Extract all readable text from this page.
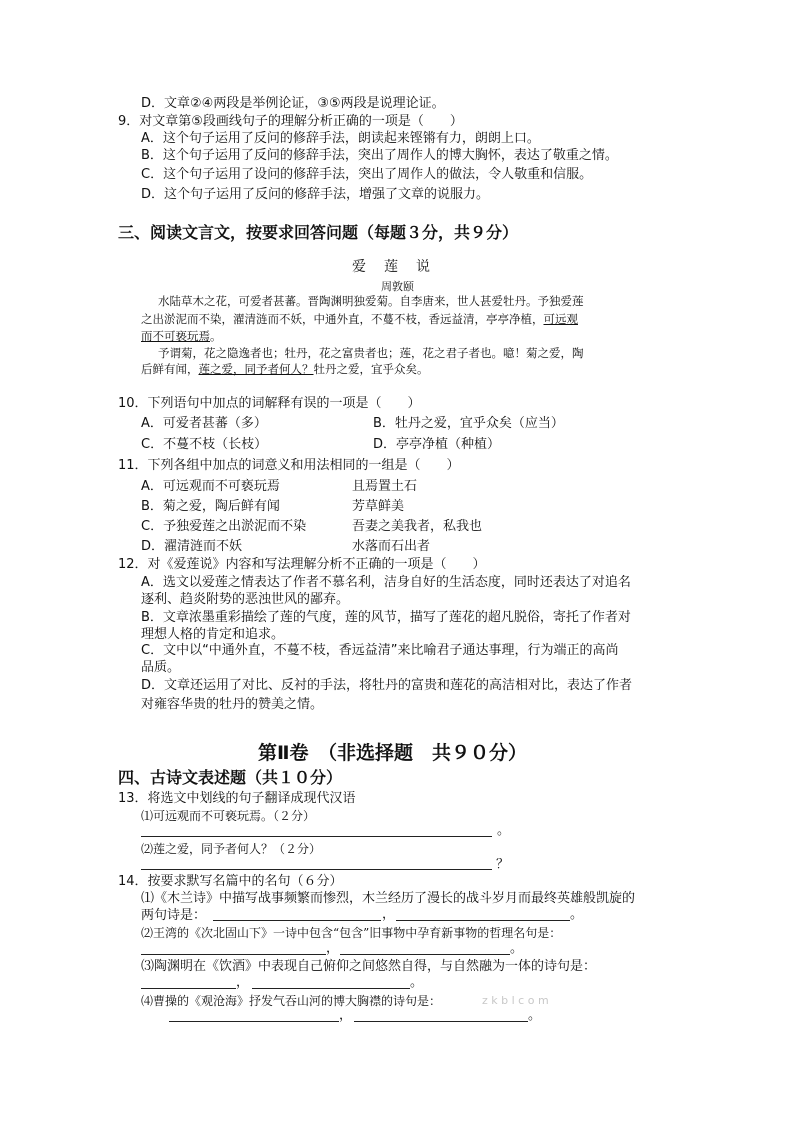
D．文章②④两段是举例论证，③⑤两段是说理论证。
9．对文章第⑤段画线句子的理解分析正确的一项是（　　）
A．这个句子运用了反问的修辞手法，朗读起来铿锵有力，朗朗上口。
B．这个句子运用了反问的修辞手法，突出了周作人的博大胸怀，表达了敬重之情。
C．这个句子运用了设问的修辞手法，突出了周作人的做法，令人敬重和信服。
D．这个句子运用了反问的修辞手法，增强了文章的说服力。
三、阅读文言文，按要求回答问题（每题３分，共９分）
爱莲说
周敦颐
水陆草木之花，可爱者甚蕃。晋陶渊明独爱菊。自李唐来，世人甚爱牡丹。予独爱莲
之出淤泥而不染，濯清涟而不妖，中通外直，不蔓不枝，香远益清，亭亭净植，可远观
而不可亵玩焉。
予谓菊，花之隐逸者也；牡丹，花之富贵者也；莲，花之君子者也。噫！菊之爱，陶
后鲜有闻，莲之爱，同予者何人？牡丹之爱，宜乎众矣。
10．下列语句中加点的词解释有误的一项是（　　）
A．可爱者甚蕃（多）	B．牡丹之爱，宜乎众矣（应当）
C．不蔓不枝（长枝）	D．亭亭净植（种植）
11．下列各组中加点的词意义和用法相同的一组是（　　）
A．可远观而不可亵玩焉	且焉置土石
B．菊之爱，陶后鲜有闻	芳草鲜美
C．予独爱莲之出淤泥而不染	吾妻之美我者，私我也
D．濯清涟而不妖	水落而石出者
12．对《爱莲说》内容和写法理解分析不正确的一项是（　　）
A．选文以爱莲之情表达了作者不慕名利，洁身自好的生活态度，同时还表达了对追名
逐利、趋炎附势的恶浊世风的鄙弃。
B．文章浓墨重彩描绘了莲的气度，莲的风节，描写了莲花的超凡脱俗，寄托了作者对
理想人格的肯定和追求。
C．文中以“中通外直，不蔓不枝，香远益清”来比喻君子通达事理，行为端正的高尚
品质。
D．文章还运用了对比、反衬的手法，将牡丹的富贵和莲花的高洁相对比，表达了作者
对雍容华贵的牡丹的赞美之情。
第Ⅱ卷　（非选择题　共９０分）
四、古诗文表述题（共１０分）
13．将选文中划线的句子翻译成现代汉语
⑴可远观而不可亵玩焉。（２分）
。
⑵莲之爱，同予者何人？（２分）
？
14．按要求默写名篇中的名句（６分）
⑴《木兰诗》中描写战事频繁而惨烈，木兰经历了漫长的战斗岁月而最终英雄般凯旋的
两句诗是：	，	。
⑵王湾的《次北固山下》一诗中包含“包含”旧事物中孕育新事物的哲理名句是：
，	。
⑶陶渊明在《饮酒》中表现自己俯仰之间悠然自得，与自然融为一体的诗句是：
，	。
⑷曹操的《观沧海》抒发气吞山河的博大胸襟的诗句是：	z k b l c o m
，	。
